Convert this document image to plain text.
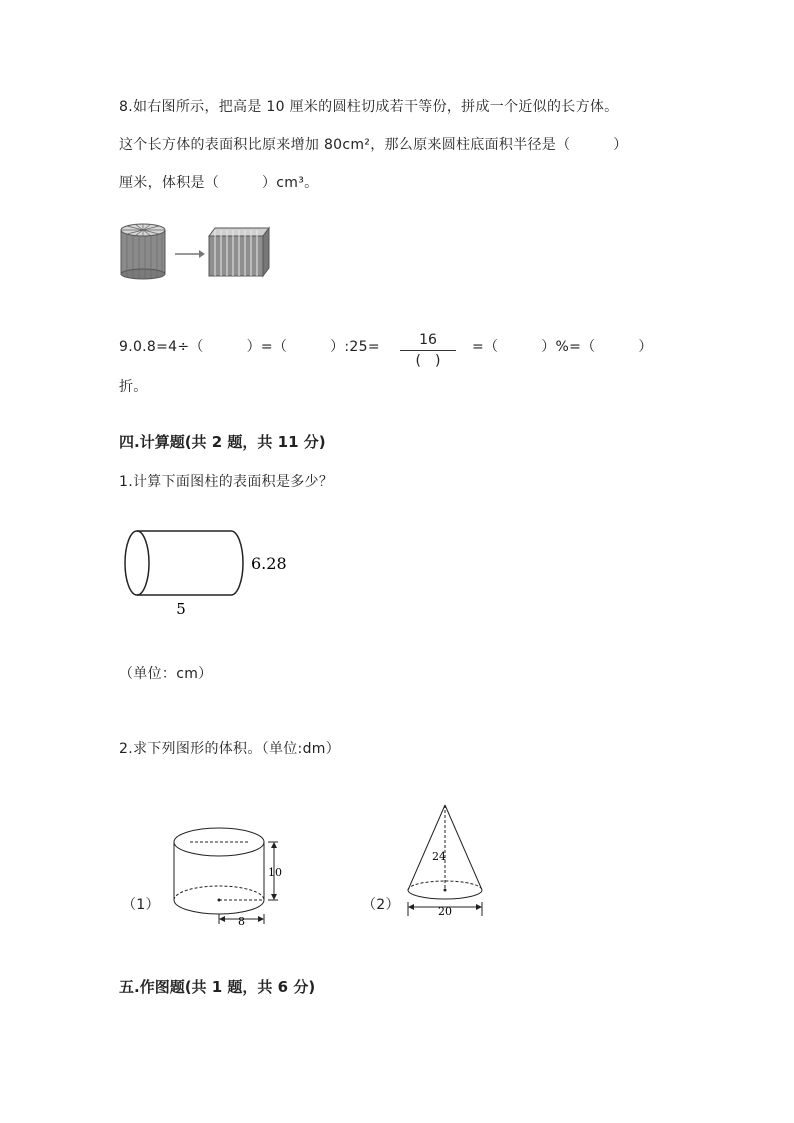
8.如右图所示，把高是 10 厘米的圆柱切成若干等份，拼成一个近似的长方体。
这个长方体的表面积比原来增加 80cm²，那么原来圆柱底面积半径是（　　　）
厘米，体积是（　　　）cm³。
9.0.8=4÷（　　　）=（　　　）:25=	16
(　)
=（　　　）%=（　　　）
折。
四.计算题(共 2 题，共 11 分)
1.计算下面图柱的表面积是多少？
6.28
5
（单位：cm）
2.求下列图形的体积。（单位:dm）
（1）
10
8
（2）
24
20
五.作图题(共 1 题，共 6 分)
